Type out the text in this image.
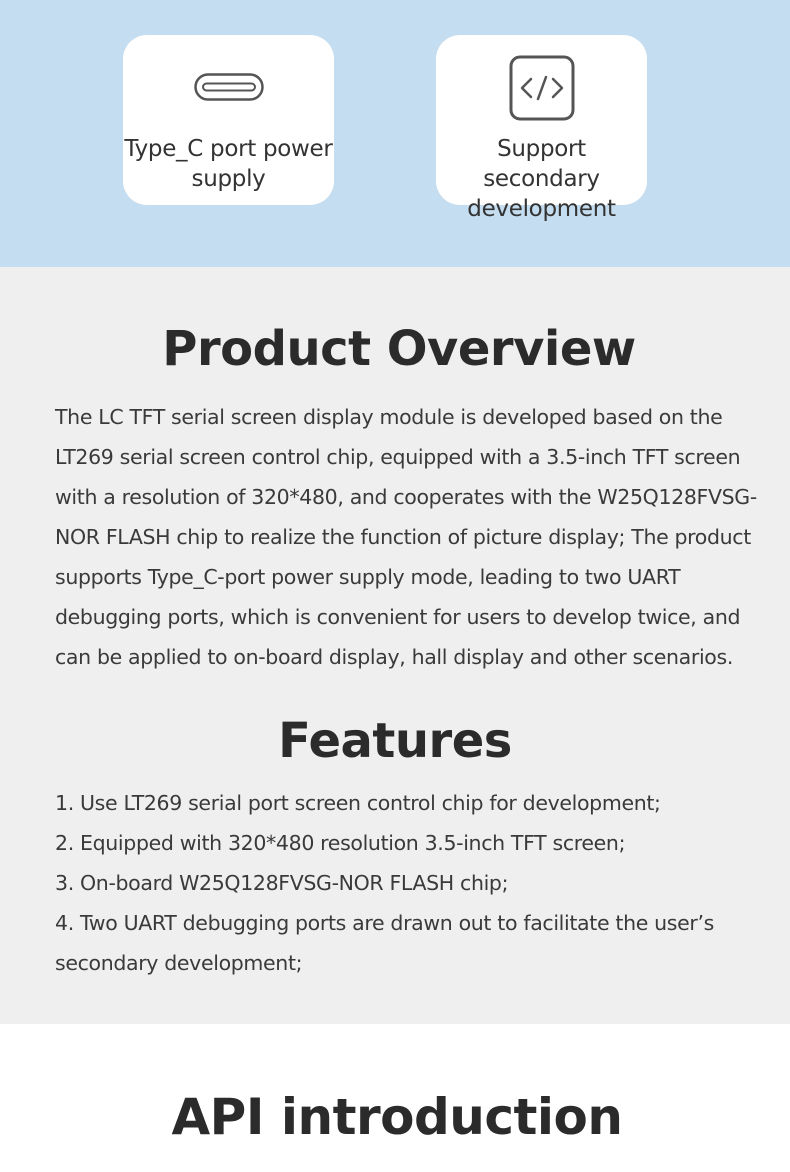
Type_C port power supply
Support secondary development
Product Overview

The LC TFT serial screen display module is developed based on the LT269 serial screen control chip, equipped with a 3.5-inch TFT screen with a resolution of 320*480, and cooperates with the W25Q128FVSG-NOR FLASH chip to realize the function of picture display; The product supports Type_C-port power supply mode, leading to two UART debugging ports, which is convenient for users to develop twice, and can be applied to on-board display, hall display and other scenarios.

Features
1. Use LT269 serial port screen control chip for development;
2. Equipped with 320*480 resolution 3.5-inch TFT screen;
3. On-board W25Q128FVSG-NOR FLASH chip;
4. Two UART debugging ports are drawn out to facilitate the user’s secondary development;
API introduction
